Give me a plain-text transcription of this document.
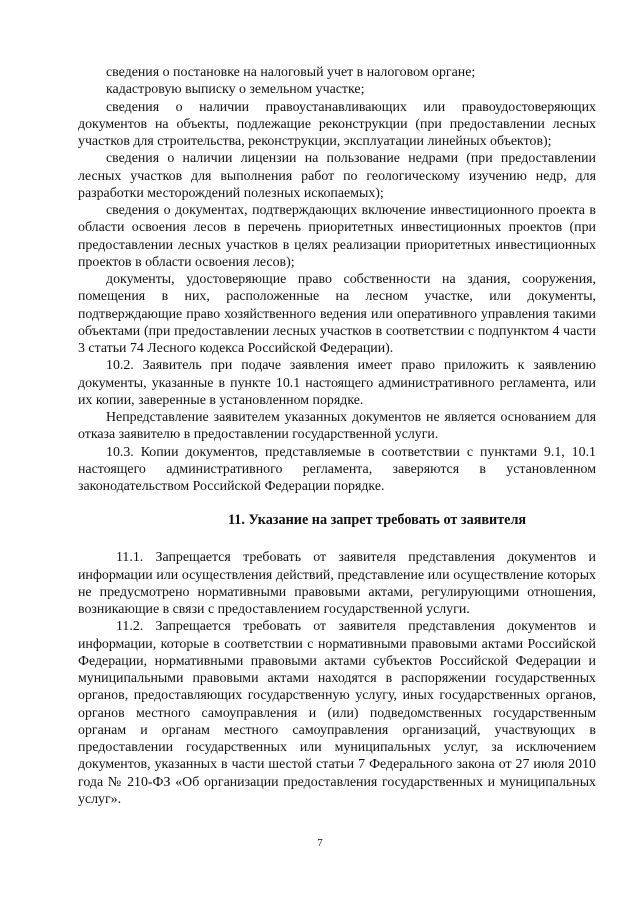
сведения о постановке на налоговый учет в налоговом органе;

кадастровую выписку о земельном участке;

сведения о наличии правоустанавливающих или правоудостоверяющих документов на объекты, подлежащие реконструкции (при предоставлении лесных участков для строительства, реконструкции, эксплуатации линейных объектов);

сведения о наличии лицензии на пользование недрами (при предоставлении лесных участков для выполнения работ по геологическому изучению недр, для разработки месторождений полезных ископаемых);

сведения о документах, подтверждающих включение инвестиционного проекта в области освоения лесов в перечень приоритетных инвестиционных проектов (при предоставлении лесных участков в целях реализации приоритетных инвестиционных проектов в области освоения лесов);

документы, удостоверяющие право собственности на здания, сооружения, помещения в них, расположенные на лесном участке, или документы, подтверждающие право хозяйственного ведения или оперативного управления такими объектами (при предоставлении лесных участков в соответствии с подпунктом 4 части 3 статьи 74 Лесного кодекса Российской Федерации).

10.2. Заявитель при подаче заявления имеет право приложить к заявлению документы, указанные в пункте 10.1 настоящего административного регламента, или их копии, заверенные в установленном порядке.

Непредставление заявителем указанных документов не является основанием для отказа заявителю в предоставлении государственной услуги.

10.3. Копии документов, представляемые в соответствии с пунктами 9.1, 10.1 настоящего административного регламента, заверяются в установленном законодательством Российской Федерации порядке.

11. Указание на запрет требовать от заявителя

11.1. Запрещается требовать от заявителя представления документов и информации или осуществления действий, представление или осуществление которых не предусмотрено нормативными правовыми актами, регулирующими отношения, возникающие в связи с предоставлением государственной услуги.

11.2. Запрещается требовать от заявителя представления документов и информации, которые в соответствии с нормативными правовыми актами Российской Федерации, нормативными правовыми актами субъектов Российской Федерации и муниципальными правовыми актами находятся в распоряжении государственных органов, предоставляющих государственную услугу, иных государственных органов, органов местного самоуправления и (или) подведомственных государственным органам и органам местного самоуправления организаций, участвующих в предоставлении государственных или муниципальных услуг, за исключением документов, указанных в части шестой статьи 7 Федерального закона от 27 июля 2010 года № 210-ФЗ «Об организации предоставления государственных и муниципальных услуг».

7
